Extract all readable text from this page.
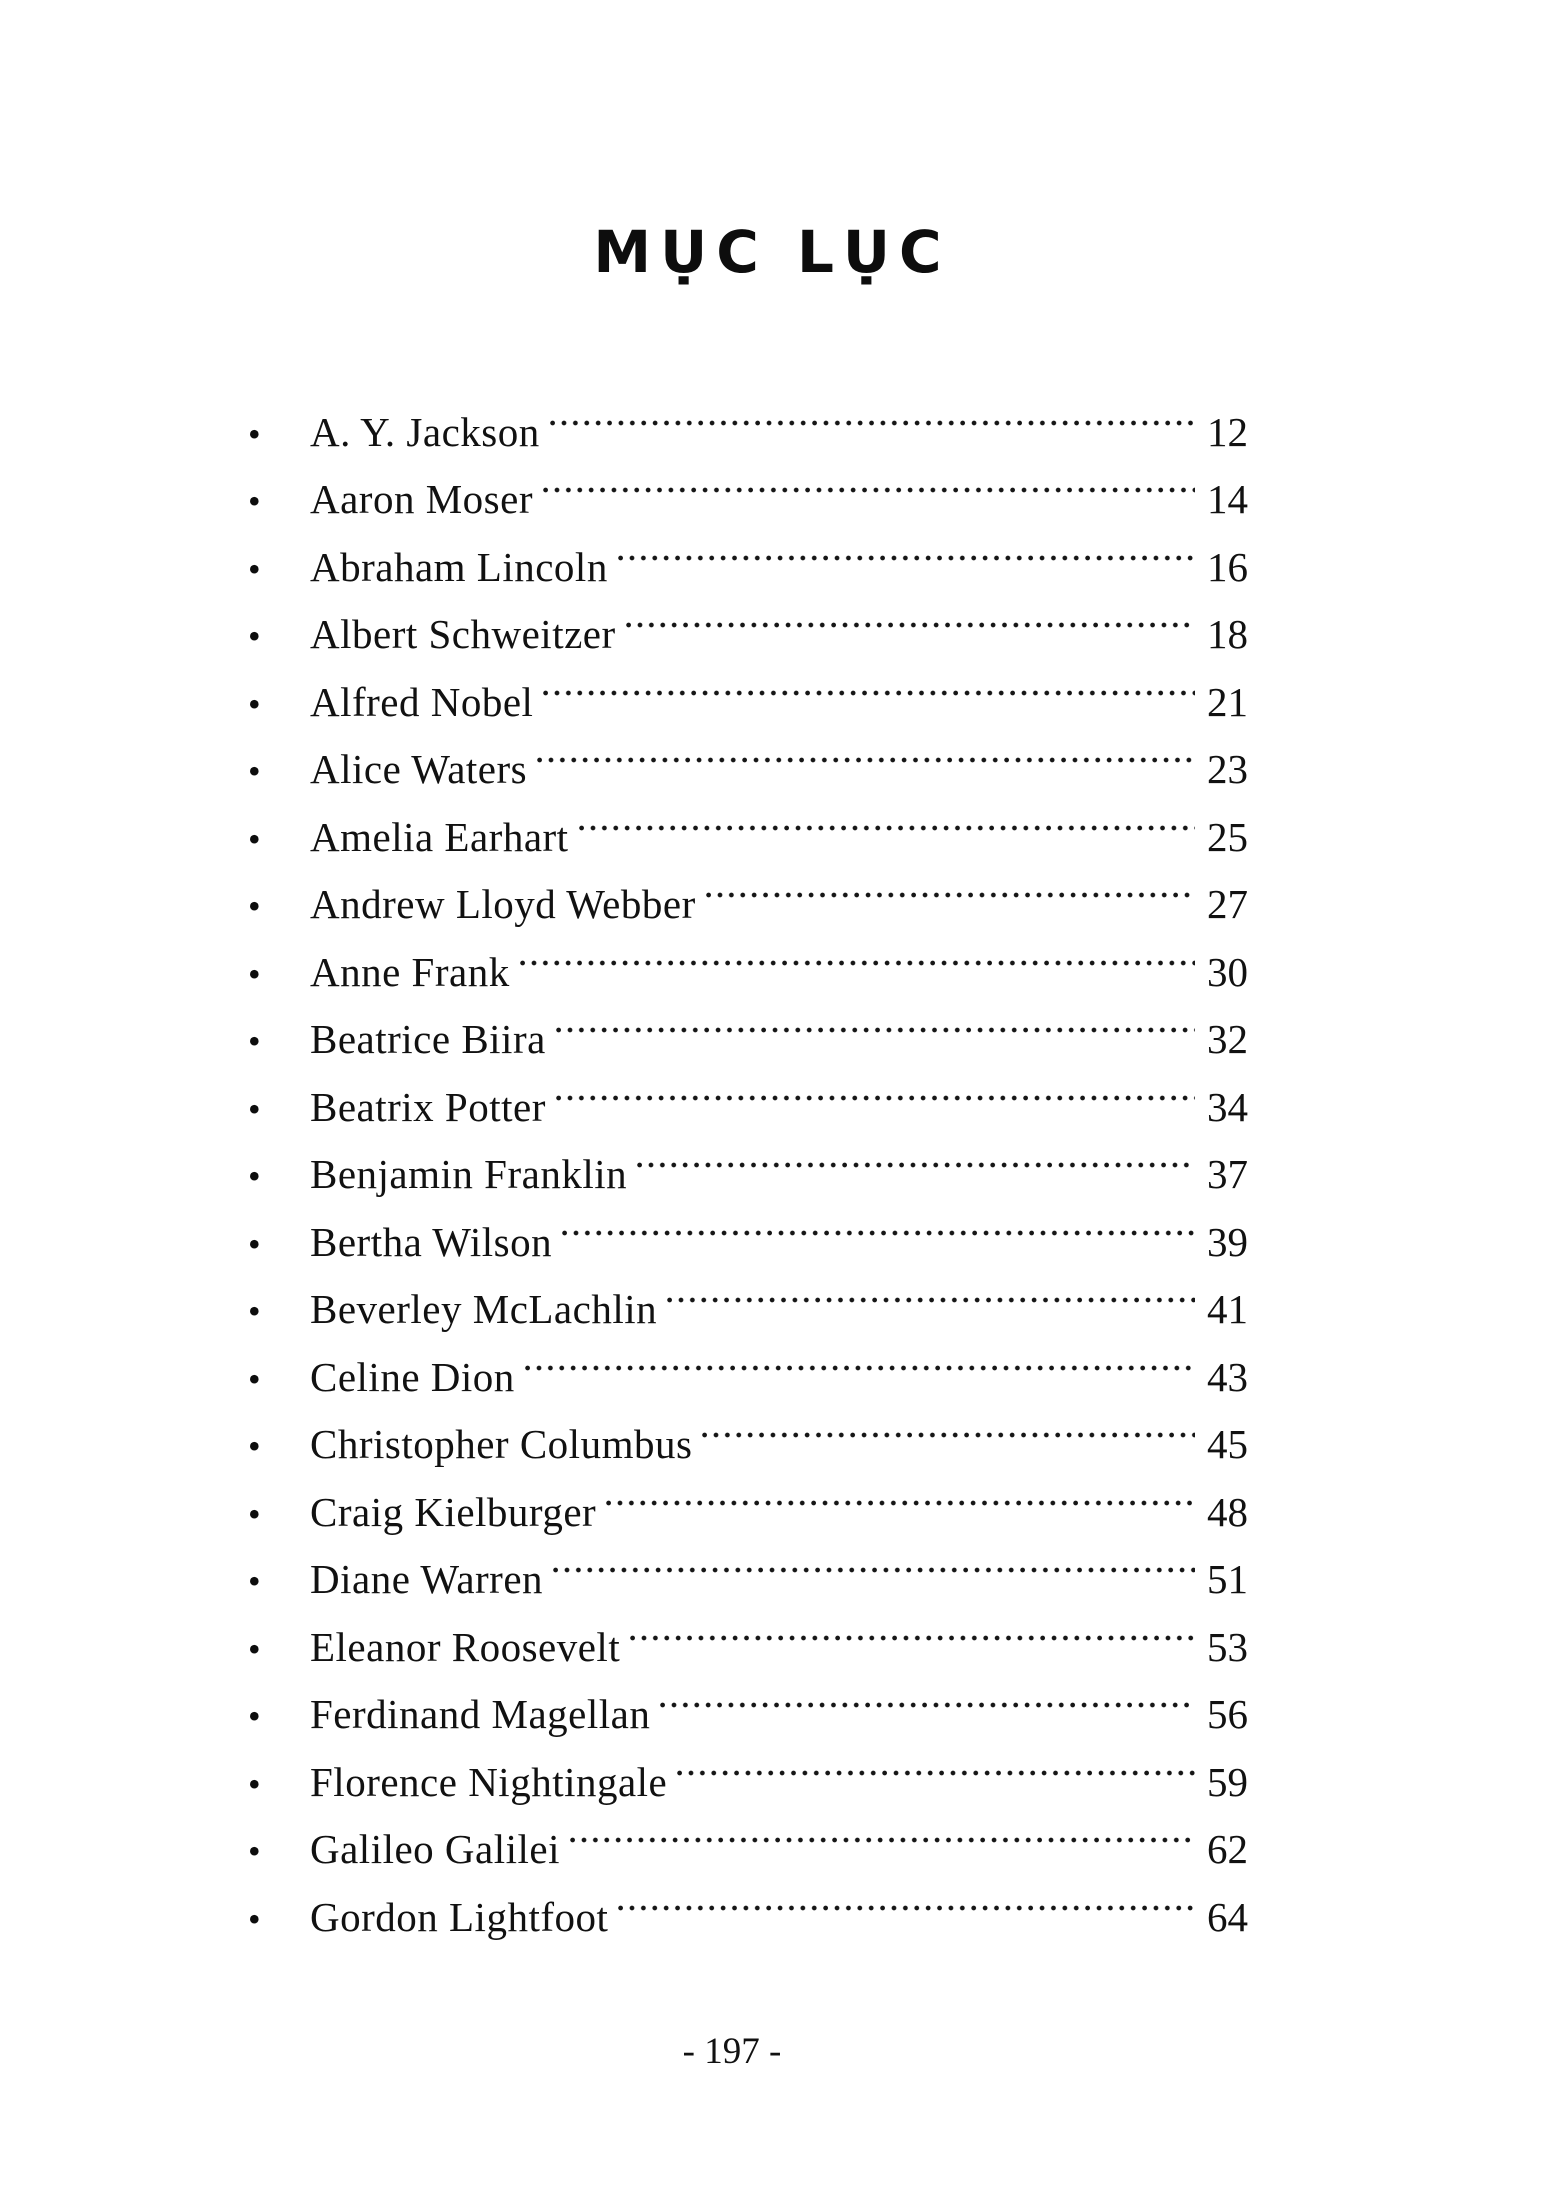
MỤC LỤC
•	A. Y. Jackson	12
•	Aaron Moser	14
•	Abraham Lincoln	16
•	Albert Schweitzer	18
•	Alfred Nobel	21
•	Alice Waters	23
•	Amelia Earhart	25
•	Andrew Lloyd Webber	27
•	Anne Frank	30
•	Beatrice Biira	32
•	Beatrix Potter	34
•	Benjamin Franklin	37
•	Bertha Wilson	39
•	Beverley McLachlin	41
•	Celine Dion	43
•	Christopher Columbus	45
•	Craig Kielburger	48
•	Diane Warren	51
•	Eleanor Roosevelt	53
•	Ferdinand Magellan	56
•	Florence Nightingale	59
•	Galileo Galilei	62
•	Gordon Lightfoot	64
- 197 -
